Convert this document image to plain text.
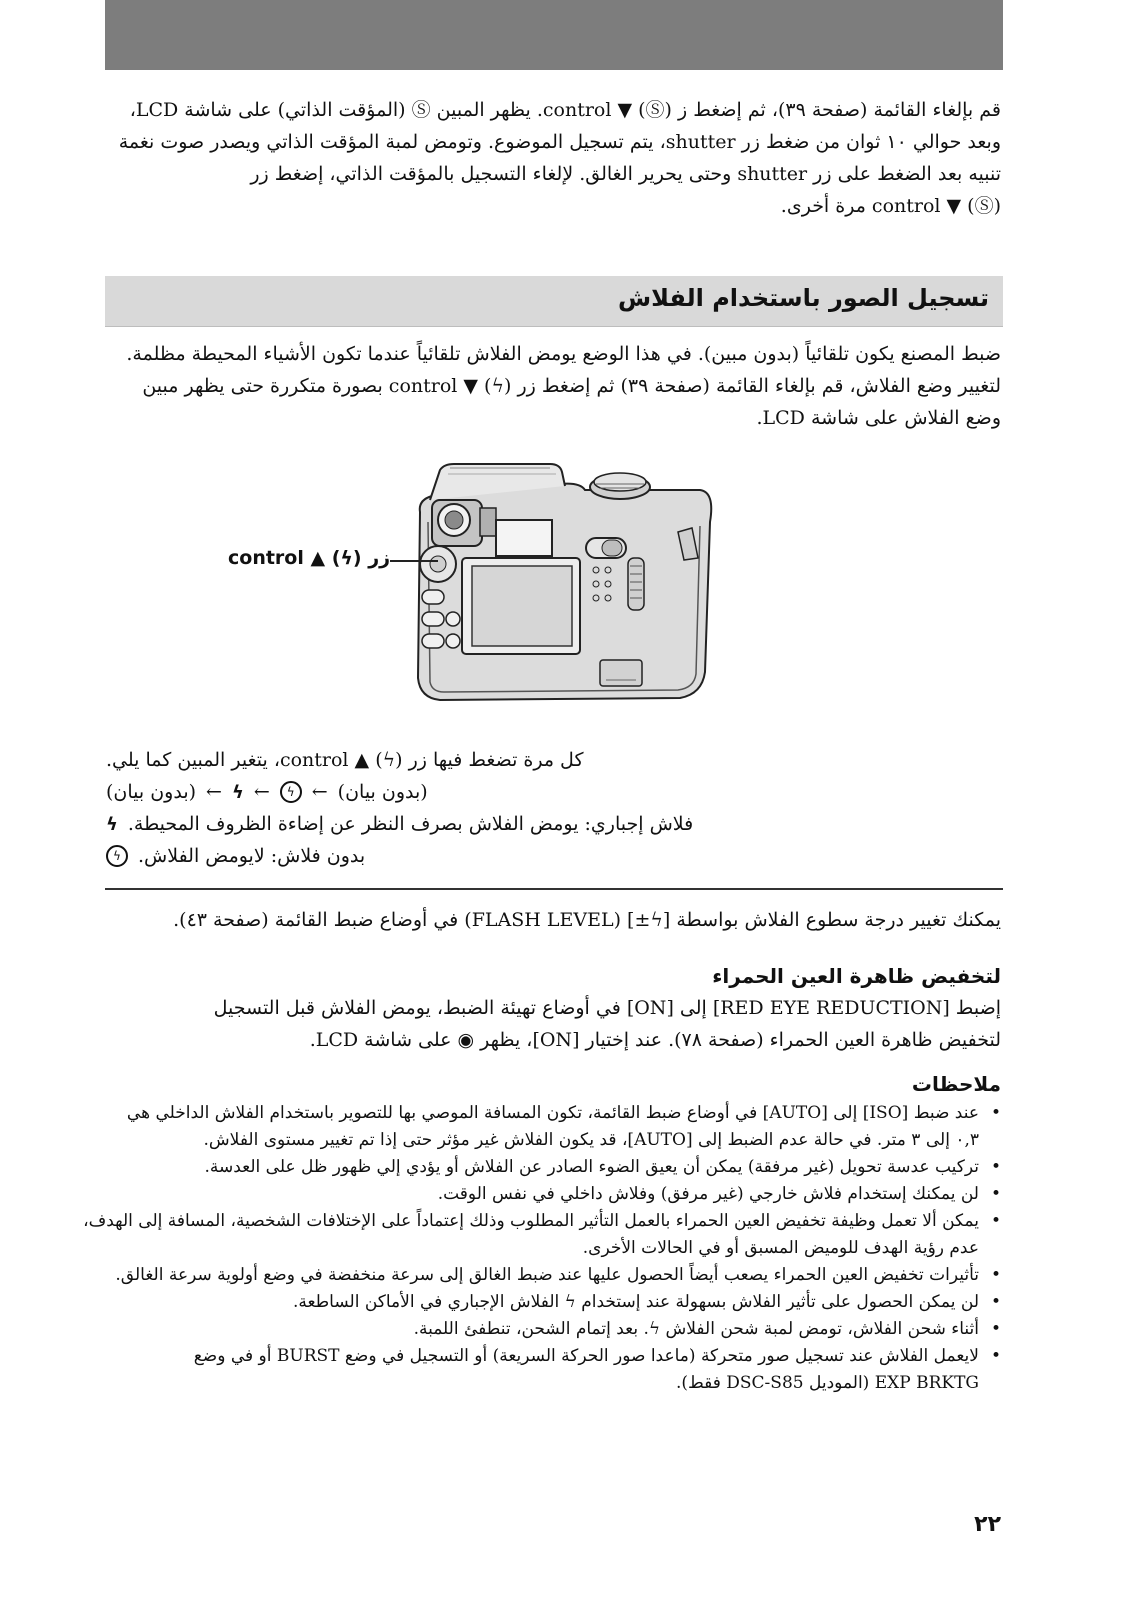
قم بإلغاء القائمة (صفحة ٣٩)، ثم إضغط ز control ▼ (Ⓢ). يظهر المبين Ⓢ (المؤقت الذاتي) على شاشة LCD،

وبعد حوالي ١٠ ثوان من ضغط زر shutter، يتم تسجيل الموضوع. وتومض لمبة المؤقت الذاتي ويصدر صوت نغمة

تنبيه بعد الضغط على زر shutter وحتى يحرير الغالق. لإلغاء التسجيل بالمؤقت الذاتي، إضغط زر

control ▼ (Ⓢ) مرة أخرى.

تسجيل الصور باستخدام الفلاش

ضبط المصنع يكون تلقائياً (بدون مبين). في هذا الوضع يومض الفلاش تلقائياً عندما تكون الأشياء المحيطة مظلمة.

لتغيير وضع الفلاش، قم بإلغاء القائمة (صفحة ٣٩) ثم إضغط زر control ▼ (ϟ) بصورة متكررة حتى يظهر مبين

وضع الفلاش على شاشة LCD.

زر control ▲ (ϟ)
كل مرة تضغط فيها زر control ▲ (ϟ)، يتغير المبين كما يلي.
(بدون بيان) ← ϟ ← ϟ ← (بدون بيان)
ϟ فلاش إجباري: يومض الفلاش بصرف النظر عن إضاءة الظروف المحيطة.
ϟ بدون فلاش: لايومض الفلاش.

يمكنك تغيير درجة سطوع الفلاش بواسطة [ϟ±] (FLASH LEVEL) في أوضاع ضبط القائمة (صفحة ٤٣).

لتخفيض ظاهرة العين الحمراء

إضبط [RED EYE REDUCTION] إلى [ON] في أوضاع تهيئة الضبط، يومض الفلاش قبل التسجيل

لتخفيض ظاهرة العين الحمراء (صفحة ٧٨). عند إختيار [ON]، يظهر ◉ على شاشة LCD.

ملاحظات
• عند ضبط [ISO] إلى [AUTO] في أوضاع ضبط القائمة، تكون المسافة الموصي بها للتصوير باستخدام الفلاش الداخلي هي
٠,٣ إلى ٣ متر. في حالة عدم الضبط إلى [AUTO]، قد يكون الفلاش غير مؤثر حتى إذا تم تغيير مستوى الفلاش.
• تركيب عدسة تحويل (غير مرفقة) يمكن أن يعيق الضوء الصادر عن الفلاش أو يؤدي إلي ظهور ظل على العدسة.
• لن يمكنك إستخدام فلاش خارجي (غير مرفق) وفلاش داخلي في نفس الوقت.
• يمكن ألا تعمل وظيفة تخفيض العين الحمراء بالعمل التأثير المطلوب وذلك إعتماداً على الإختلافات الشخصية، المسافة إلى الهدف،
عدم رؤية الهدف للوميض المسبق أو في الحالات الأخرى.
• تأثيرات تخفيض العين الحمراء يصعب أيضاً الحصول عليها عند ضبط الغالق إلى سرعة منخفضة في وضع أولوية سرعة الغالق.
• لن يمكن الحصول على تأثير الفلاش بسهولة عند إستخدام ϟ الفلاش الإجباري في الأماكن الساطعة.
• أثناء شحن الفلاش، تومض لمبة شحن الفلاش ϟ. بعد إتمام الشحن، تنطفئ اللمبة.
• لايعمل الفلاش عند تسجيل صور متحركة (ماعدا صور الحركة السريعة) أو التسجيل في وضع BURST أو في وضع
EXP BRKTG (الموديل DSC-S85 فقط).
٢٢
